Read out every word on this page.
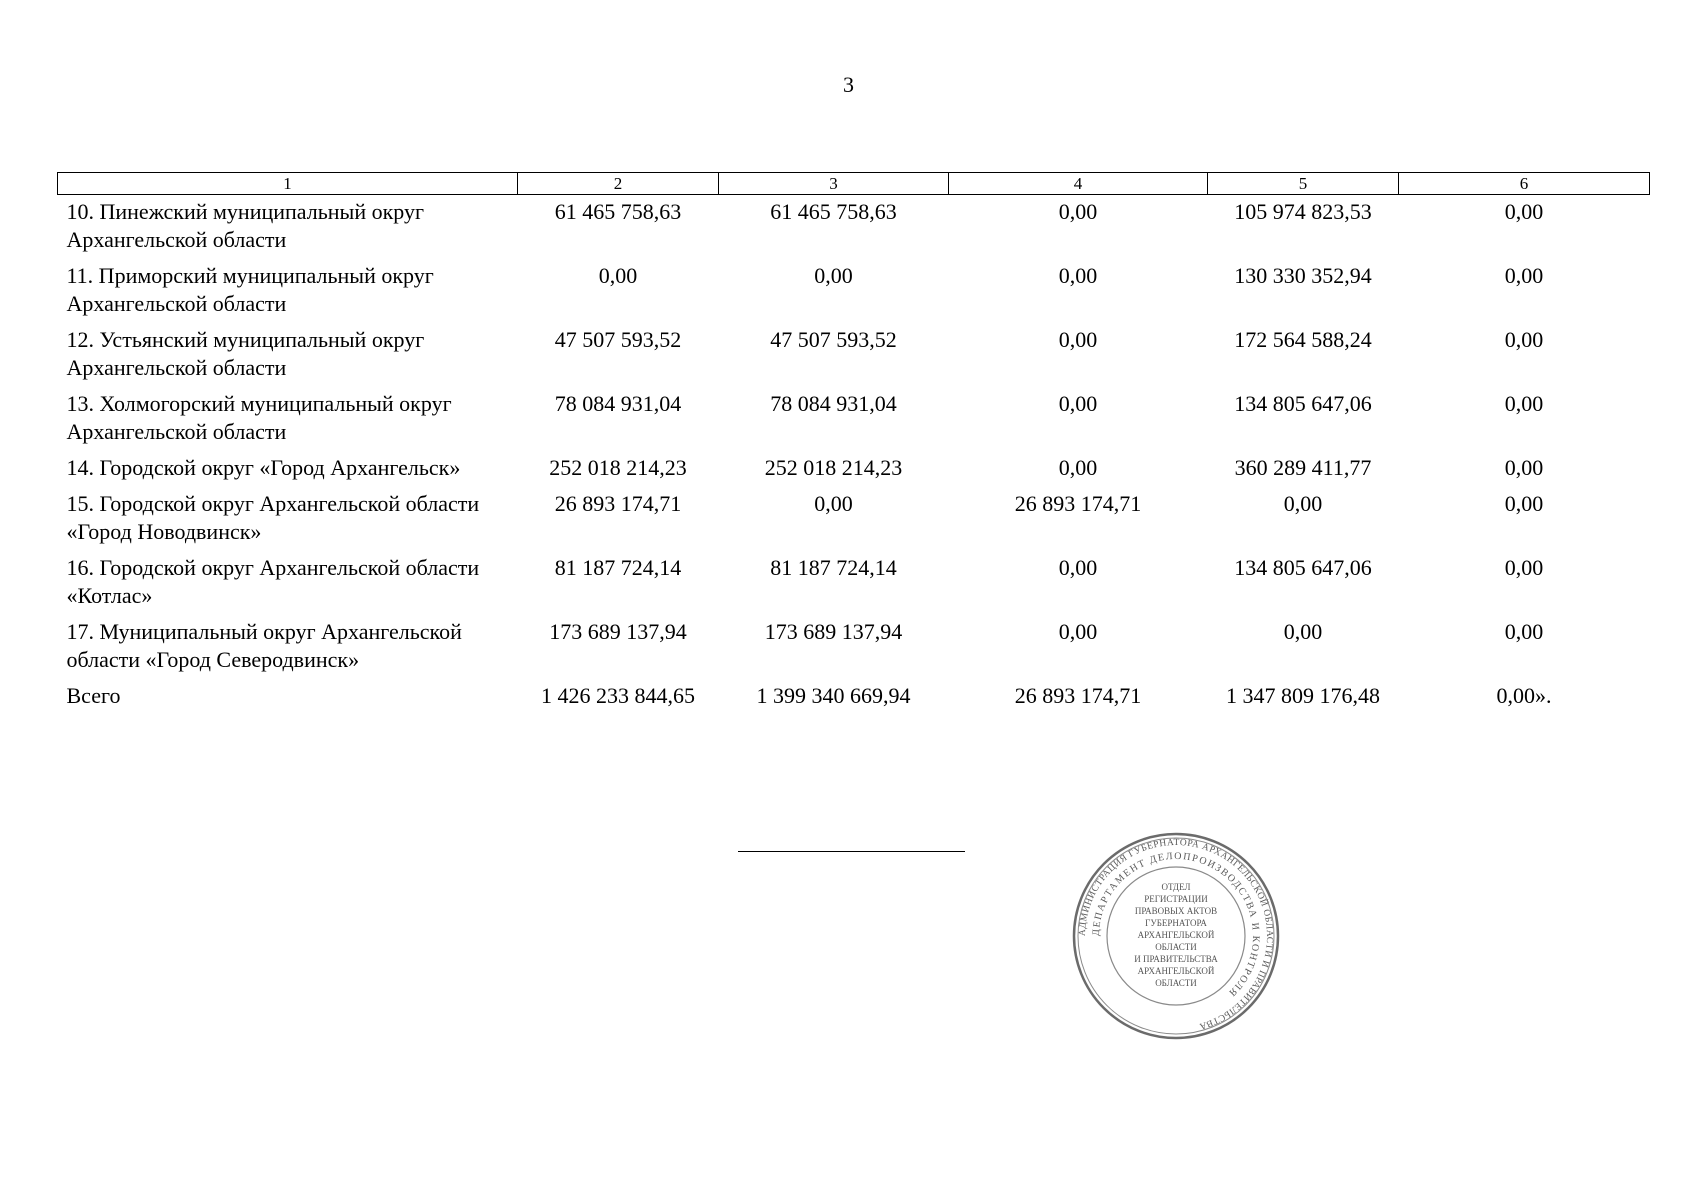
3
1	2	3	4	5	6
10. Пинежский муниципальный округ Архангельской области	61 465 758,63	61 465 758,63	0,00	105 974 823,53	0,00
11. Приморский муниципальный округ Архангельской области	0,00	0,00	0,00	130 330 352,94	0,00
12. Устьянский муниципальный округ Архангельской области	47 507 593,52	47 507 593,52	0,00	172 564 588,24	0,00
13. Холмогорский муниципальный округ Архангельской области	78 084 931,04	78 084 931,04	0,00	134 805 647,06	0,00
14. Городской округ «Город Архангельск»	252 018 214,23	252 018 214,23	0,00	360 289 411,77	0,00
15. Городской округ Архангельской области «Город Новодвинск»	26 893 174,71	0,00	26 893 174,71	0,00	0,00
16. Городской округ Архангельской области «Котлас»	81 187 724,14	81 187 724,14	0,00	134 805 647,06	0,00
17. Муниципальный округ Архангельской области «Город Северодвинск»	173 689 137,94	173 689 137,94	0,00	0,00	0,00
Всего	1 426 233 844,65	1 399 340 669,94	26 893 174,71	1 347 809 176,48	0,00».
АДМИНИСТРАЦИЯ ГУБЕРНАТОРА АРХАНГЕЛЬСКОЙ ОБЛАСТИ И ПРАВИТЕЛЬСТВА
ДЕПАРТАМЕНТ ДЕЛОПРОИЗВОДСТВА И КОНТРОЛЯ
ОТДЕЛ
РЕГИСТРАЦИИ
ПРАВОВЫХ АКТОВ
ГУБЕРНАТОРА
АРХАНГЕЛЬСКОЙ
ОБЛАСТИ
И ПРАВИТЕЛЬСТВА
АРХАНГЕЛЬСКОЙ
ОБЛАСТИ
